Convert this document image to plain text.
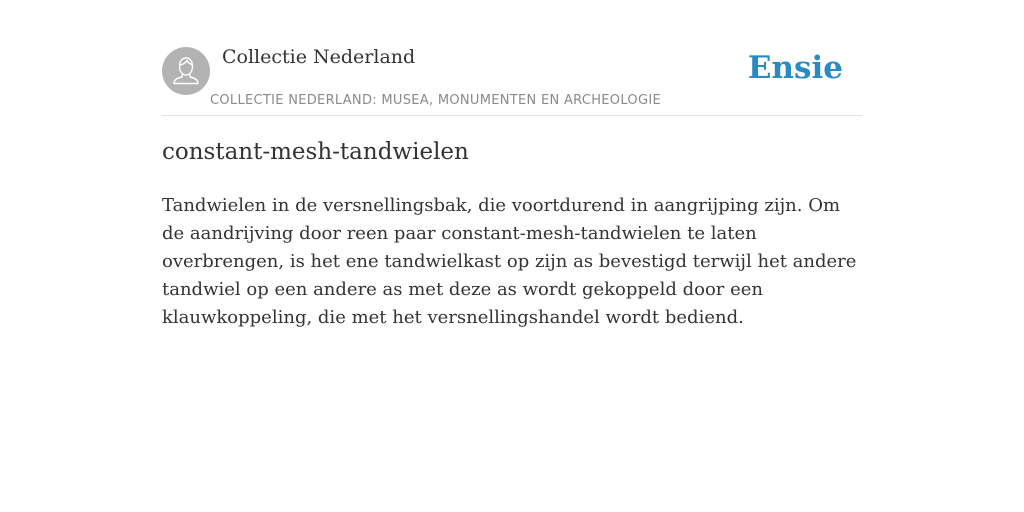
Collectie Nederland
COLLECTIE NEDERLAND: MUSEA, MONUMENTEN EN ARCHEOLOGIE
Ensie
constant-mesh-tandwielen

Tandwielen in de versnellingsbak, die voortdurend in aangrijping zijn. Om de aandrijving door reen paar constant-mesh-tandwielen te laten overbrengen, is het ene tandwielkast op zijn as bevestigd terwijl het andere tandwiel op een andere as met deze as wordt gekoppeld door een klauwkoppeling, die met het versnellingshandel wordt bediend.
